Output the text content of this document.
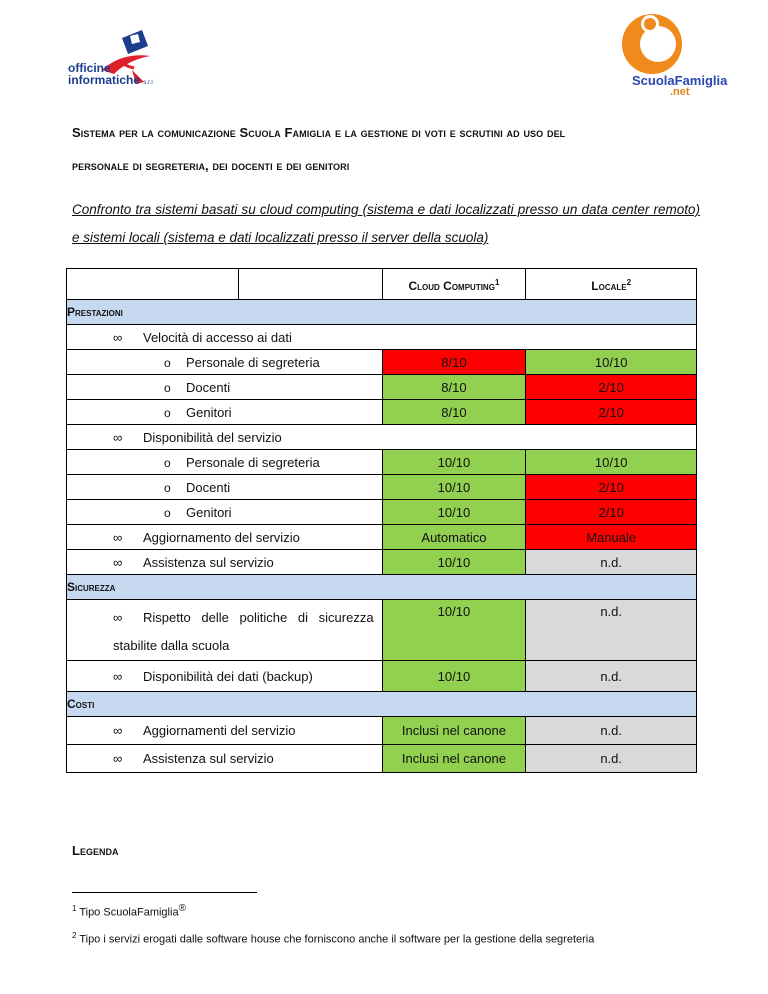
officine
informatiche s.r.l	ScuolaFamiglia
.net
Sistema per la comunicazione Scuola Famiglia e la gestione di voti e scrutini ad uso del
personale di segreteria, dei docenti e dei genitori
Confronto tra sistemi basati su cloud computing (sistema e dati localizzati presso un data center remoto) e sistemi locali (sistema e dati localizzati presso il server della scuola)
		Cloud Computing$^1$	Locale$^2$
Prestazioni			
∞ Velocità di accesso ai dati			
o Personale di segreteria		8/10	10/10
o Docenti		8/10	2/10
o Genitori		8/10	2/10
∞ Disponibilità del servizio			
o Personale di segreteria		10/10	10/10
o Docenti		10/10	2/10
o Genitori		10/10	2/10
∞ Aggiornamento del servizio		Automatico	Manuale
∞ Assistenza sul servizio		10/10	n.d.
Sicurezza			
∞ Rispetto delle politiche di sicurezza stabilite dalla scuola		10/10	n.d.
∞ Disponibilità dei dati (backup)		10/10	n.d.
Costi			
∞ Aggiornamenti del servizio		Inclusi nel canone	n.d.
∞ Assistenza sul servizio		Inclusi nel canone	n.d.
Legenda
$^1$ Tipo ScuolaFamiglia®
$^2$ Tipo i servizi erogati dalle software house che forniscono anche il software per la gestione della segreteria
